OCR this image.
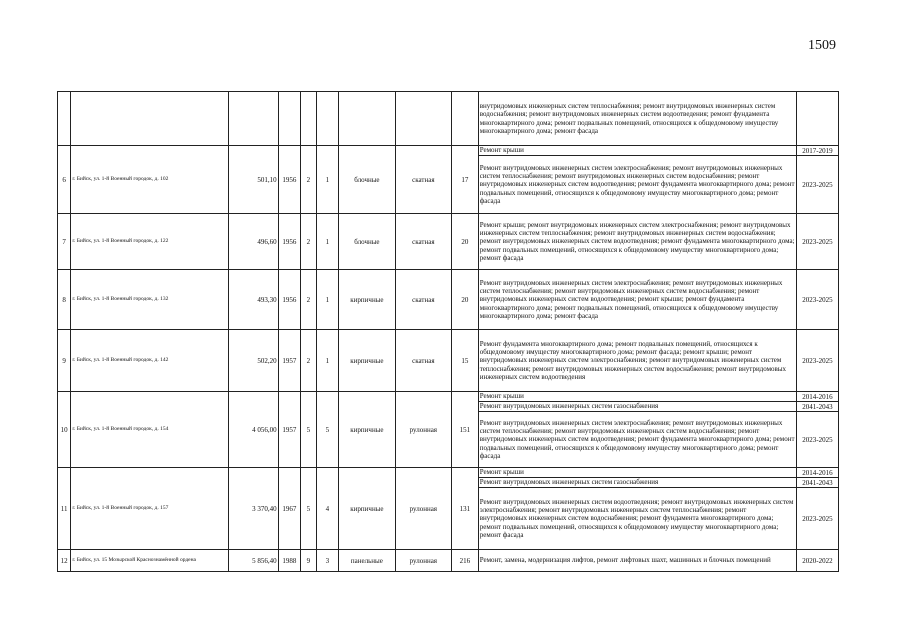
1509
									внутридомовых инженерных систем теплоснабжения; ремонт внутридомовых инженерных систем водоснабжения; ремонт внутридомовых инженерных систем водоотведения; ремонт фундамента многоквартирного дома; ремонт подвальных помещений, относящихся к общедомовому имуществу многоквартирного дома; ремонт фасада	
6	г. Бийск, ул. 1-й Военный городок, д. 102	501,10	1956	2	1	блочные	скатная	17	Ремонт крыши	2017-2019
									Ремонт внутридомовых инженерных систем электроснабжения; ремонт внутридомовых инженерных систем теплоснабжения; ремонт внутридомовых инженерных систем водоснабжения; ремонт внутридомовых инженерных систем водоотведения; ремонт фундамента многоквартирного дома; ремонт подвальных помещений, относящихся к общедомовому имуществу многоквартирного дома; ремонт фасада	2023-2025
7	г. Бийск, ул. 1-й Военный городок, д. 122	496,60	1956	2	1	блочные	скатная	20	Ремонт крыши; ремонт внутридомовых инженерных систем электроснабжения; ремонт внутридомовых инженерных систем теплоснабжения; ремонт внутридомовых инженерных систем водоснабжения; ремонт внутридомовых инженерных систем водоотведения; ремонт фундамента многоквартирного дома; ремонт подвальных помещений, относящихся к общедомовому имуществу многоквартирного дома; ремонт фасада	2023-2025
8	г. Бийск, ул. 1-й Военный городок, д. 132	493,30	1956	2	1	кирпичные	скатная	20	Ремонт внутридомовых инженерных систем электроснабжения; ремонт внутридомовых инженерных систем теплоснабжения; ремонт внутридомовых инженерных систем водоснабжения; ремонт внутридомовых инженерных систем водоотведения; ремонт крыши; ремонт фундамента многоквартирного дома; ремонт подвальных помещений, относящихся к общедомовому имуществу многоквартирного дома; ремонт фасада	2023-2025
9	г. Бийск, ул. 1-й Военный городок, д. 142	502,20	1957	2	1	кирпичные	скатная	15	Ремонт фундамента многоквартирного дома; ремонт подвальных помещений, относящихся к общедомовому имуществу многоквартирного дома; ремонт фасада; ремонт крыши; ремонт внутридомовых инженерных систем электроснабжения; ремонт внутридомовых инженерных систем теплоснабжения; ремонт внутридомовых инженерных систем водоснабжения; ремонт внутридомовых инженерных систем водоотведения	2023-2025
10	г. Бийск, ул. 1-й Военный городок, д. 154	4 056,00	1957	5	5	кирпичные	рулонная	151	Ремонт крыши	2014-2016
									Ремонт внутридомовых инженерных систем газоснабжения	2041-2043
									Ремонт внутридомовых инженерных систем электроснабжения; ремонт внутридомовых инженерных систем теплоснабжения; ремонт внутридомовых инженерных систем водоснабжения; ремонт внутридомовых инженерных систем водоотведения; ремонт фундамента многоквартирного дома; ремонт подвальных помещений, относящихся к общедомовому имуществу многоквартирного дома; ремонт фасада	2023-2025
11	г. Бийск, ул. 1-й Военный городок, д. 157	3 370,40	1967	5	4	кирпичные	рулонная	131	Ремонт крыши	2014-2016
									Ремонт внутридомовых инженерных систем газоснабжения	2041-2043
									Ремонт внутридомовых инженерных систем водоотведения; ремонт внутридомовых инженерных систем электроснабжения; ремонт внутридомовых инженерных систем теплоснабжения; ремонт внутридомовых инженерных систем водоснабжения; ремонт фундамента многоквартирного дома; ремонт подвальных помещений, относящихся к общедомовому имуществу многоквартирного дома; ремонт фасада	2023-2025
12	г. Бийск, ул. 15 Мозырской Краснознамённой ордена	5 856,40	1988	9	3	панельные	рулонная	216	Ремонт, замена, модернизация лифтов, ремонт лифтовых шахт, машинных и блочных помещений	2020-2022
